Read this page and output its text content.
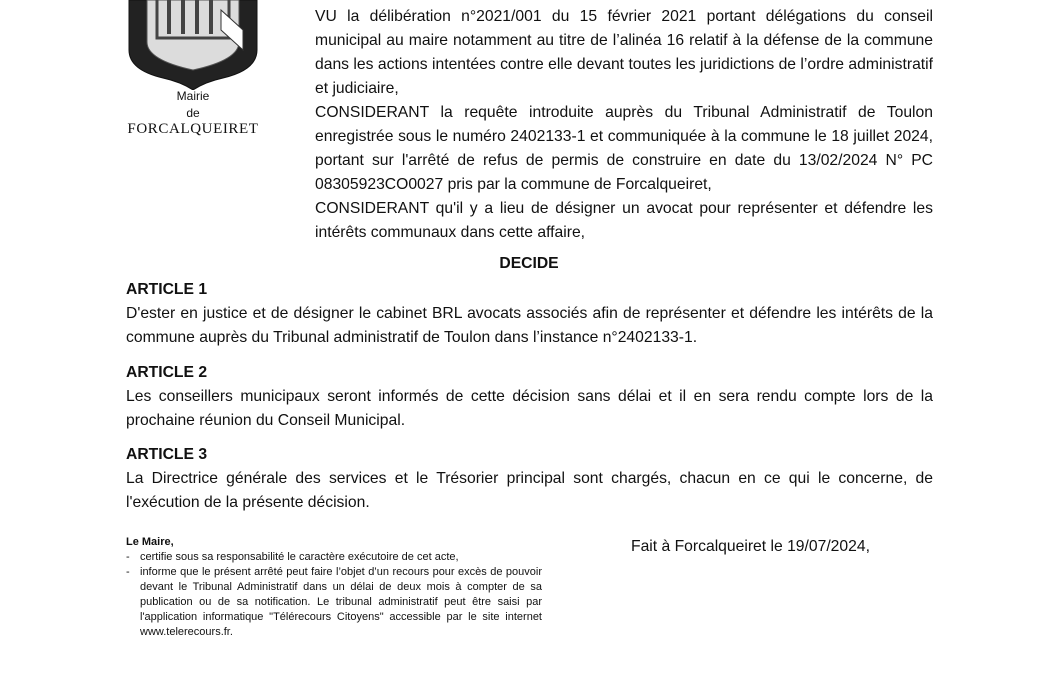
Mairie
de
FORCALQUEIRET

VU la délibération n°2021/001 du 15 février 2021 portant délégations du conseil municipal au maire notamment au titre de l’alinéa 16 relatif à la défense de la commune dans les actions intentées contre elle devant toutes les juridictions de l’ordre administratif et judiciaire,

CONSIDERANT la requête introduite auprès du Tribunal Administratif de Toulon enregistrée sous le numéro 2402133-1 et communiquée à la commune le 18 juillet 2024, portant sur l'arrêté de refus de permis de construire en date du 13/02/2024 N° PC 08305923CO0027 pris par la commune de Forcalqueiret,

CONSIDERANT qu'il y a lieu de désigner un avocat pour représenter et défendre les intérêts communaux dans cette affaire,

DECIDE

ARTICLE 1

D'ester en justice et de désigner le cabinet BRL avocats associés afin de représenter et défendre les intérêts de la commune auprès du Tribunal administratif de Toulon dans l’instance n°2402133-1.

ARTICLE 2

Les conseillers municipaux seront informés de cette décision sans délai et il en sera rendu compte lors de la prochaine réunion du Conseil Municipal.

ARTICLE 3

La Directrice générale des services et le Trésorier principal sont chargés, chacun en ce qui le concerne, de l'exécution de la présente décision.

Le Maire,

- certifie sous sa responsabilité le caractère exécutoire de cet acte,
- informe que le présent arrêté peut faire l’objet d’un recours pour excès de pouvoir devant le Tribunal Administratif dans un délai de deux mois à compter de sa publication ou de sa notification. Le tribunal administratif peut être saisi par l'application informatique "Télérecours Citoyens" accessible par le site internet www.telerecours.fr.
Fait à Forcalqueiret le 19/07/2024,
